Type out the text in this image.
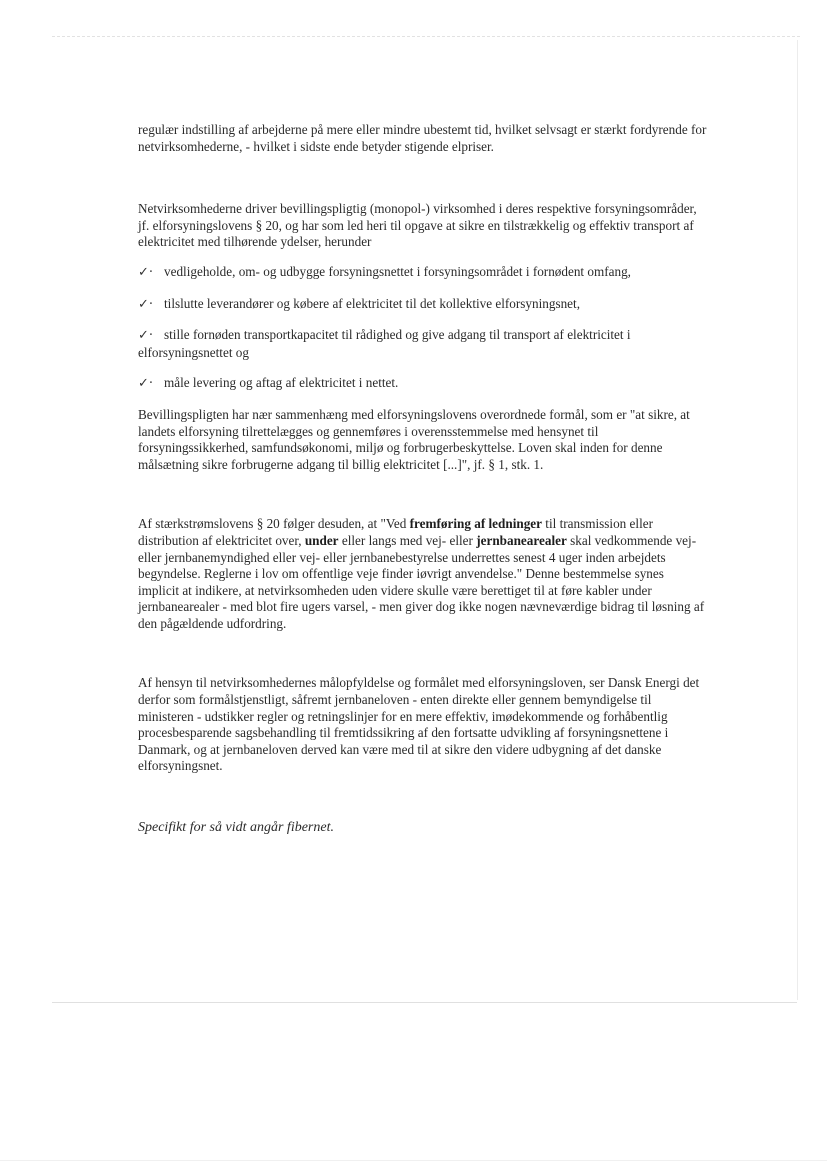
regulær indstilling af arbejderne på mere eller mindre ubestemt tid, hvilket selvsagt er stærkt fordyrende for netvirksomhederne, - hvilket i sidste ende betyder stigende elpriser.

Netvirksomhederne driver bevillingspligtig (monopol-) virksomhed i deres respektive forsyningsområder, jf. elforsyningslovens § 20, og har som led heri til opgave at sikre en tilstrækkelig og effektiv transport af elektricitet med tilhørende ydelser, herunder

✓· vedligeholde, om- og udbygge forsyningsnettet i forsyningsområdet i fornødent omfang,
✓· tilslutte leverandører og købere af elektricitet til det kollektive elforsyningsnet,
✓· stille fornøden transportkapacitet til rådighed og give adgang til transport af elektricitet i elforsyningsnettet og
✓· måle levering og aftag af elektricitet i nettet.

Bevillingspligten har nær sammenhæng med elforsyningslovens overordnede formål, som er "at sikre, at landets elforsyning tilrettelægges og gennemføres i overensstemmelse med hensynet til forsyningssikkerhed, samfundsøkonomi, miljø og forbrugerbeskyttelse. Loven skal inden for denne målsætning sikre forbrugerne adgang til billig elektricitet [...]", jf. § 1, stk. 1.

Af stærkstrømslovens § 20 følger desuden, at "Ved fremføring af ledninger til transmission eller distribution af elektricitet over, under eller langs med vej- eller jernbanearealer skal vedkommende vej- eller jernbanemyndighed eller vej- eller jernbanebestyrelse underrettes senest 4 uger inden arbejdets begyndelse. Reglerne i lov om offentlige veje finder iøvrigt anvendelse." Denne bestemmelse synes implicit at indikere, at netvirksomheden uden videre skulle være berettiget til at føre kabler under jernbanearealer - med blot fire ugers varsel, - men giver dog ikke nogen nævneværdige bidrag til løsning af den pågældende udfordring.

Af hensyn til netvirksomhedernes målopfyldelse og formålet med elforsyningsloven, ser Dansk Energi det derfor som formålstjenstligt, såfremt jernbaneloven - enten direkte eller gennem bemyndigelse til ministeren - udstikker regler og retningslinjer for en mere effektiv, imødekommende og forhåbentlig procesbesparende sagsbehandling til fremtidssikring af den fortsatte udvikling af forsyningsnettene i Danmark, og at jernbaneloven derved kan være med til at sikre den videre udbygning af det danske elforsyningsnet.

Specifikt for så vidt angår fibernet.
